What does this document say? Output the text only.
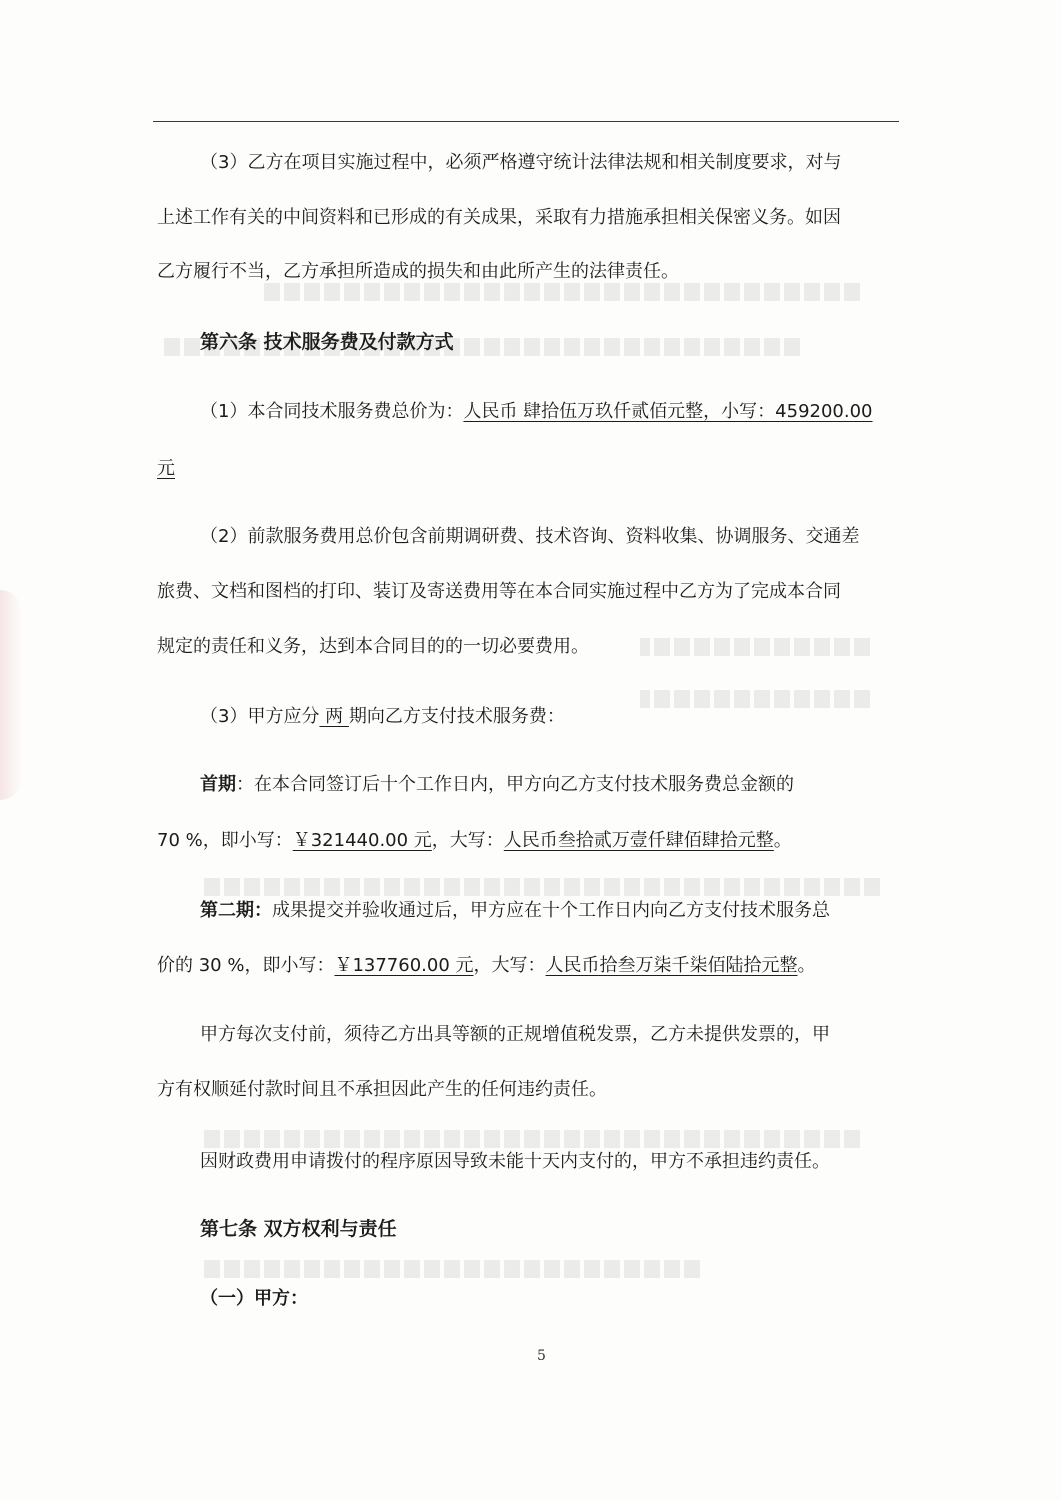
（3）乙方在项目实施过程中，必须严格遵守统计法律法规和相关制度要求，对与
上述工作有关的中间资料和已形成的有关成果，采取有力措施承担相关保密义务。如因
乙方履行不当，乙方承担所造成的损失和由此所产生的法律责任。
第六条 技术服务费及付款方式
（1）本合同技术服务费总价为：人民币 肆拾伍万玖仟贰佰元整，小写：459200.00
元
（2）前款服务费用总价包含前期调研费、技术咨询、资料收集、协调服务、交通差
旅费、文档和图档的打印、装订及寄送费用等在本合同实施过程中乙方为了完成本合同
规定的责任和义务，达到本合同目的的一切必要费用。
（3）甲方应分 两 期向乙方支付技术服务费：
首期：在本合同签订后十个工作日内，甲方向乙方支付技术服务费总金额的
70 %，即小写：￥321440.00 元，大写：人民币叁拾贰万壹仟肆佰肆拾元整。
第二期：成果提交并验收通过后，甲方应在十个工作日内向乙方支付技术服务总
价的 30 %，即小写：￥137760.00 元，大写：人民币拾叁万柒千柒佰陆拾元整。
甲方每次支付前，须待乙方出具等额的正规增值税发票，乙方未提供发票的，甲
方有权顺延付款时间且不承担因此产生的任何违约责任。
因财政费用申请拨付的程序原因导致未能十天内支付的，甲方不承担违约责任。
第七条 双方权利与责任
（一）甲方：
5
